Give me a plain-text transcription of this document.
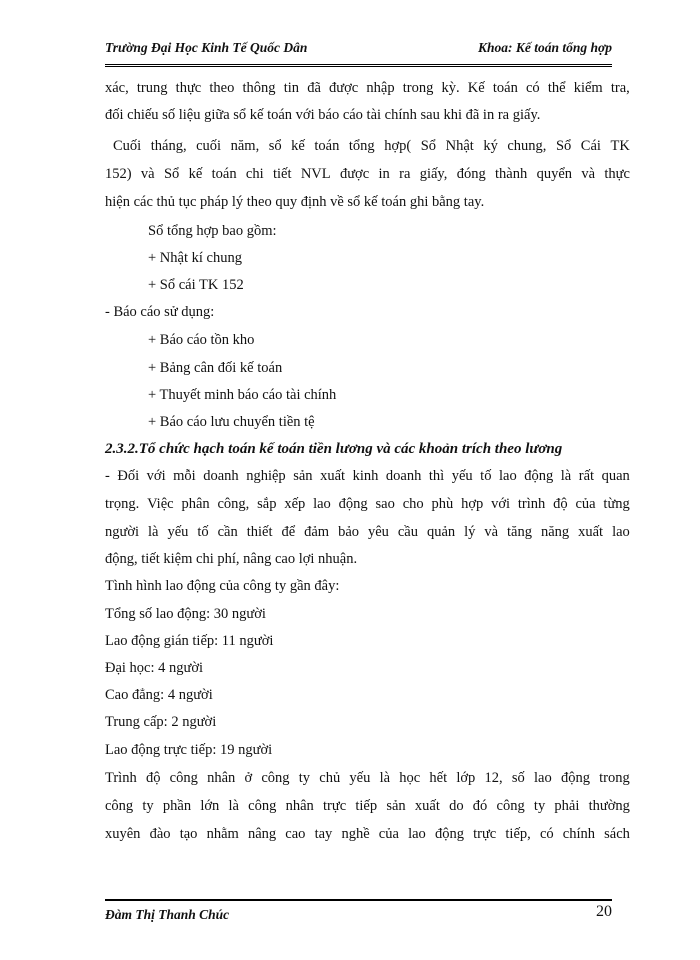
Trường Đại Học Kinh Tế Quốc Dân	Khoa: Kế toán tổng hợp
xác, trung thực theo thông tin đã được nhập trong kỳ. Kế toán có thể kiểm tra,
đối chiếu số liệu giữa sổ kế toán với báo cáo tài chính sau khi đã in ra giấy.
Cuối tháng, cuối năm, sổ kế toán tổng hợp( Sổ Nhật ký chung, Sổ Cái TK
152) và Sổ kế toán chi tiết NVL được in ra giấy, đóng thành quyển và thực
hiện các thủ tục pháp lý theo quy định về sổ kế toán ghi bằng tay.
Sổ tổng hợp bao gồm:
+ Nhật kí chung
+ Sổ cái TK 152
- Báo cáo sử dụng:
+ Báo cáo tồn kho
+ Bảng cân đối kế toán
+ Thuyết minh báo cáo tài chính
+ Báo cáo lưu chuyển tiền tệ
2.3.2.Tổ chức hạch toán kế toán tiền lương và các khoản trích theo lương
- Đối với mỗi doanh nghiệp sản xuất kinh doanh thì yếu tố lao động là rất quan
trọng. Việc phân công, sắp xếp lao động sao cho phù hợp với trình độ của từng
người là yếu tố cần thiết để đảm bảo yêu cầu quản lý và tăng năng xuất lao
động, tiết kiệm chi phí, nâng cao lợi nhuận.
Tình hình lao động của công ty gần đây:
Tổng số lao động: 30 người
Lao động gián tiếp: 11 người
Đại học: 4 người
Cao đẳng: 4 người
Trung cấp: 2 người
Lao động trực tiếp: 19 người
Trình độ công nhân ở công ty chủ yếu là học hết lớp 12, số lao động trong
công ty phần lớn là công nhân trực tiếp sản xuất do đó công ty phải thường
xuyên đào tạo nhằm nâng cao tay nghề của lao động trực tiếp, có chính sách
Đàm Thị Thanh Chúc	20
